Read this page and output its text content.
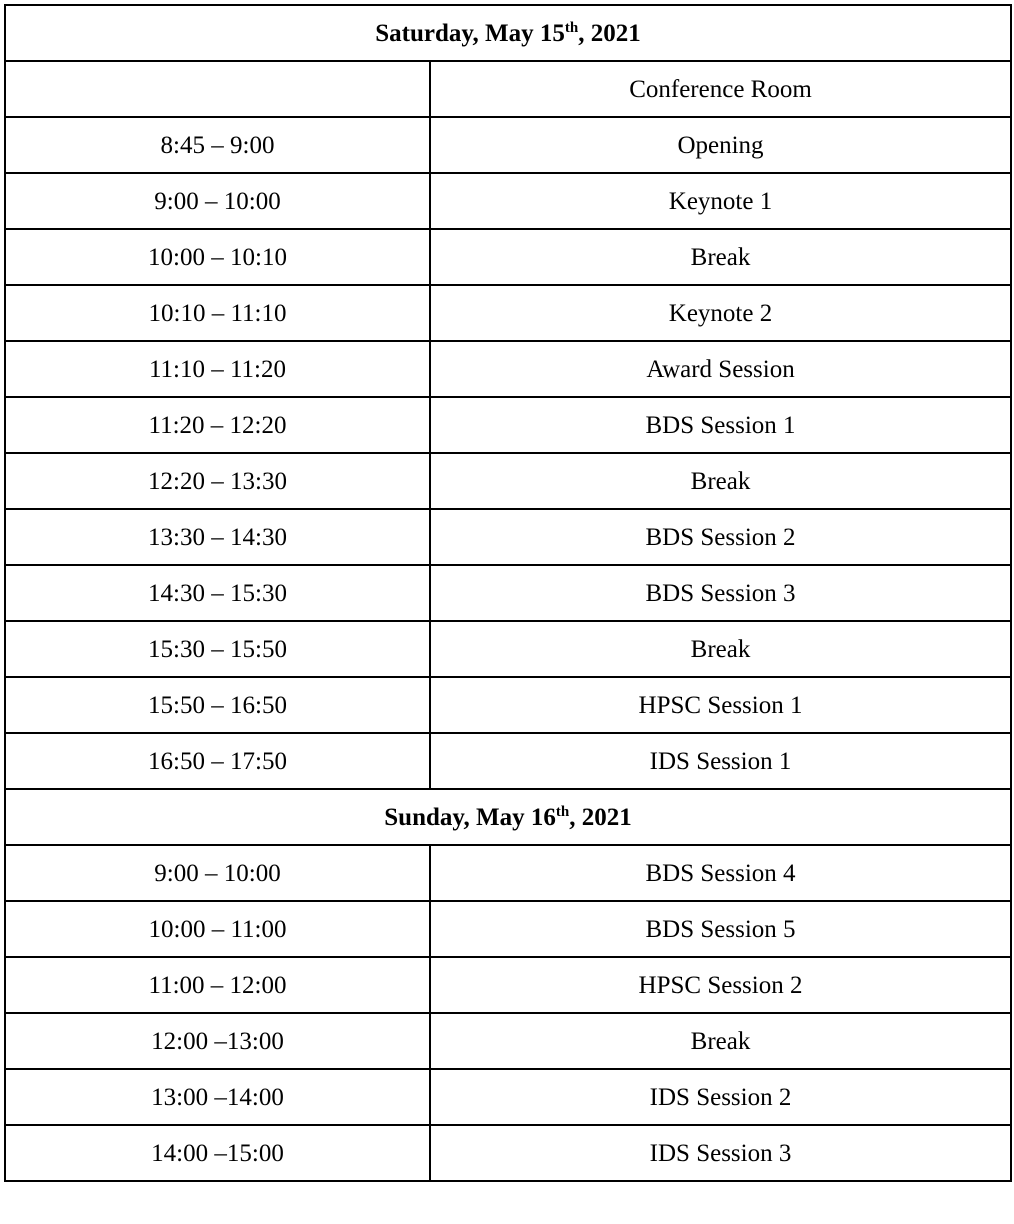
Saturday, May 15th, 2021	
	Conference Room
8:45 – 9:00	Opening
9:00 – 10:00	Keynote 1
10:00 – 10:10	Break
10:10 – 11:10	Keynote 2
11:10 – 11:20	Award Session
11:20 – 12:20	BDS Session 1
12:20 – 13:30	Break
13:30 – 14:30	BDS Session 2
14:30 – 15:30	BDS Session 3
15:30 – 15:50	Break
15:50 – 16:50	HPSC Session 1
16:50 – 17:50	IDS Session 1
Sunday, May 16th, 2021	
9:00 – 10:00	BDS Session 4
10:00 – 11:00	BDS Session 5
11:00 – 12:00	HPSC Session 2
12:00 –13:00	Break
13:00 –14:00	IDS Session 2
14:00 –15:00	IDS Session 3
